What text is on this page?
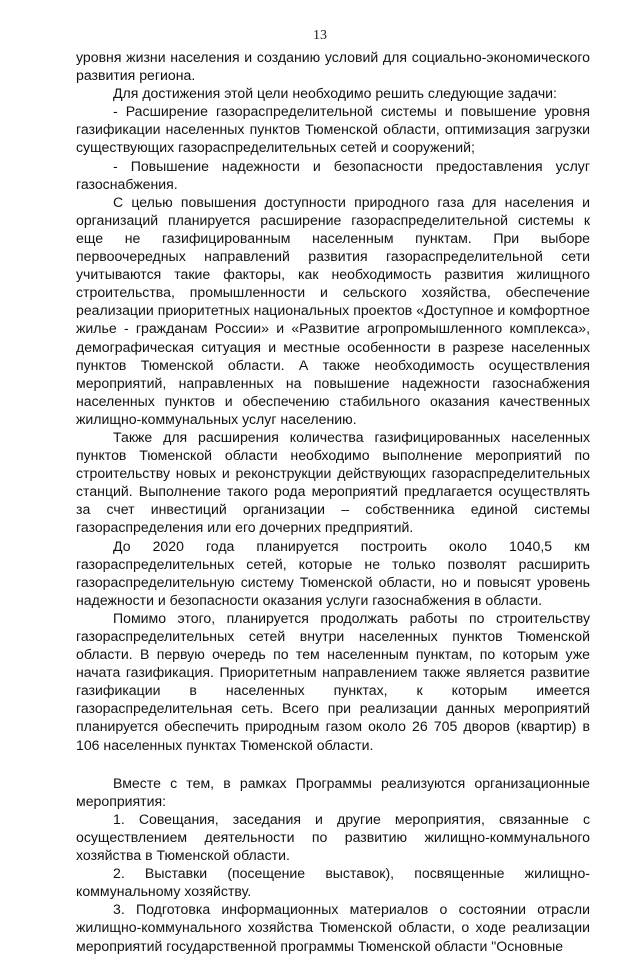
13

уровня жизни населения и созданию условий для социально-экономического развития региона.

Для достижения этой цели необходимо решить следующие задачи:

- Расширение газораспределительной системы и повышение уровня газификации населенных пунктов Тюменской области, оптимизация загрузки существующих газораспределительных сетей и сооружений;

- Повышение надежности и безопасности предоставления услуг газоснабжения.

С целью повышения доступности природного газа для населения и организаций планируется расширение газораспределительной системы к еще не газифицированным населенным пунктам. При выборе первоочередных направлений развития газораспределительной сети учитываются такие факторы, как необходимость развития жилищного строительства, промышленности и сельского хозяйства, обеспечение реализации приоритетных национальных проектов «Доступное и комфортное жилье - гражданам России» и «Развитие агропромышленного комплекса», демографическая ситуация и местные особенности в разрезе населенных пунктов Тюменской области. А также необходимость осуществления мероприятий, направленных на повышение надежности газоснабжения населенных пунктов и обеспечению стабильного оказания качественных жилищно-коммунальных услуг населению.

Также для расширения количества газифицированных населенных пунктов Тюменской области необходимо выполнение мероприятий по строительству новых и реконструкции действующих газораспределительных станций. Выполнение такого рода мероприятий предлагается осуществлять за счет инвестиций организации – собственника единой системы газораспределения или его дочерних предприятий.

До 2020 года планируется построить около 1040,5 км газораспределительных сетей, которые не только позволят расширить газораспределительную систему Тюменской области, но и повысят уровень надежности и безопасности оказания услуги газоснабжения в области.

Помимо этого, планируется продолжать работы по строительству газораспределительных сетей внутри населенных пунктов Тюменской области. В первую очередь по тем населенным пунктам, по которым уже начата газификация. Приоритетным направлением также является развитие газификации в населенных пунктах, к которым имеется газораспределительная сеть. Всего при реализации данных мероприятий планируется обеспечить природным газом около 26 705 дворов (квартир) в 106 населенных пунктах Тюменской области.

Вместе с тем, в рамках Программы реализуются организационные мероприятия:

1. Совещания, заседания и другие мероприятия, связанные с осуществлением деятельности по развитию жилищно-коммунального хозяйства в Тюменской области.

2. Выставки (посещение выставок), посвященные жилищно-коммунальному хозяйству.

3. Подготовка информационных материалов о состоянии отрасли жилищно-коммунального хозяйства Тюменской области, о ходе реализации мероприятий государственной программы Тюменской области "Основные
